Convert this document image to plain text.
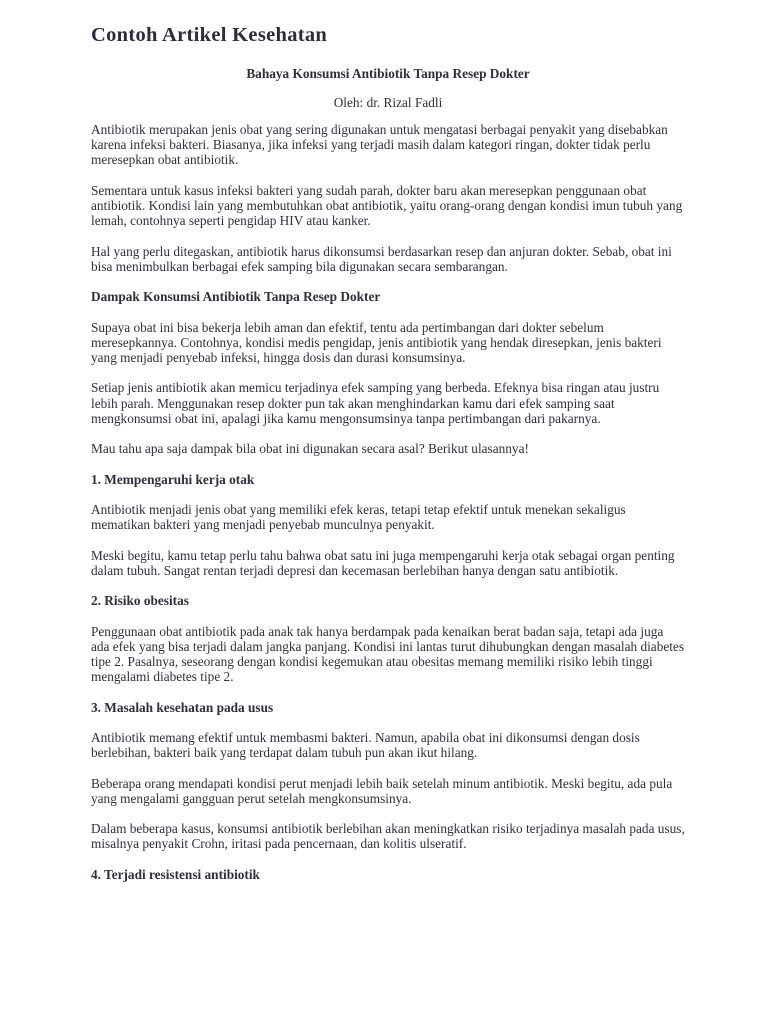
Contoh Artikel Kesehatan
Bahaya Konsumsi Antibiotik Tanpa Resep Dokter
Oleh: dr. Rizal Fadli
Antibiotik merupakan jenis obat yang sering digunakan untuk mengatasi berbagai penyakit yang disebabkan karena infeksi bakteri. Biasanya, jika infeksi yang terjadi masih dalam kategori ringan, dokter tidak perlu meresepkan obat antibiotik.
Sementara untuk kasus infeksi bakteri yang sudah parah, dokter baru akan meresepkan penggunaan obat antibiotik. Kondisi lain yang membutuhkan obat antibiotik, yaitu orang-orang dengan kondisi imun tubuh yang lemah, contohnya seperti pengidap HIV atau kanker.
Hal yang perlu ditegaskan, antibiotik harus dikonsumsi berdasarkan resep dan anjuran dokter. Sebab, obat ini bisa menimbulkan berbagai efek samping bila digunakan secara sembarangan.
Dampak Konsumsi Antibiotik Tanpa Resep Dokter
Supaya obat ini bisa bekerja lebih aman dan efektif, tentu ada pertimbangan dari dokter sebelum meresepkannya. Contohnya, kondisi medis pengidap, jenis antibiotik yang hendak diresepkan, jenis bakteri yang menjadi penyebab infeksi, hingga dosis dan durasi konsumsinya.
Setiap jenis antibiotik akan memicu terjadinya efek samping yang berbeda. Efeknya bisa ringan atau justru lebih parah. Menggunakan resep dokter pun tak akan menghindarkan kamu dari efek samping saat mengkonsumsi obat ini, apalagi jika kamu mengonsumsinya tanpa pertimbangan dari pakarnya.
Mau tahu apa saja dampak bila obat ini digunakan secara asal? Berikut ulasannya!
1. Mempengaruhi kerja otak
Antibiotik menjadi jenis obat yang memiliki efek keras, tetapi tetap efektif untuk menekan sekaligus mematikan bakteri yang menjadi penyebab munculnya penyakit.
Meski begitu, kamu tetap perlu tahu bahwa obat satu ini juga mempengaruhi kerja otak sebagai organ penting dalam tubuh. Sangat rentan terjadi depresi dan kecemasan berlebihan hanya dengan satu antibiotik.
2. Risiko obesitas
Penggunaan obat antibiotik pada anak tak hanya berdampak pada kenaikan berat badan saja, tetapi ada juga ada efek yang bisa terjadi dalam jangka panjang. Kondisi ini lantas turut dihubungkan dengan masalah diabetes tipe 2. Pasalnya, seseorang dengan kondisi kegemukan atau obesitas memang memiliki risiko lebih tinggi mengalami diabetes tipe 2.
3. Masalah kesehatan pada usus
Antibiotik memang efektif untuk membasmi bakteri. Namun, apabila obat ini dikonsumsi dengan dosis berlebihan, bakteri baik yang terdapat dalam tubuh pun akan ikut hilang.
Beberapa orang mendapati kondisi perut menjadi lebih baik setelah minum antibiotik. Meski begitu, ada pula yang mengalami gangguan perut setelah mengkonsumsinya.
Dalam beberapa kasus, konsumsi antibiotik berlebihan akan meningkatkan risiko terjadinya masalah pada usus, misalnya penyakit Crohn, iritasi pada pencernaan, dan kolitis ulseratif.
4. Terjadi resistensi antibiotik
